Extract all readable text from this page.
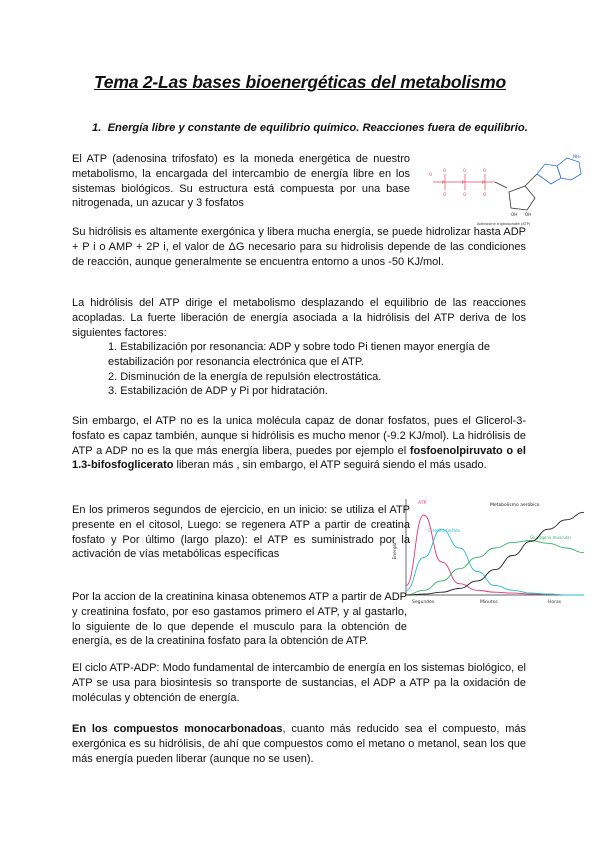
Tema 2-Las bases bioenergéticas del metabolismo

1. Energía libre y constante de equilibrio químico. Reacciones fuera de equilibrio.

El ATP (adenosina trifosfato) es la moneda energética de nuestro metabolismo, la encargada del intercambio de energía libre en los sistemas biológicos. Su estructura está compuesta por una base nitrogenada, un azucar y 3 fosfatos

O
O	O	O
O	O	O
P	P	P
NH₂
OH OH
Adenosine triphosphate (ATP)

Su hidrólisis es altamente exergónica y libera mucha energía, se puede hidrolizar hasta ADP + P i o AMP + 2P i, el valor de ΔG necesario para su hidrolisis depende de las condiciones de reacción, aunque generalmente se encuentra entorno a unos -50 KJ/mol.

La hidrólisis del ATP dirige el metabolismo desplazando el equilibrio de las reacciones acopladas. La fuerte liberación de energía asociada a la hidrólisis del ATP deriva de los siguientes factores:

1. Estabilización por resonancia: ADP y sobre todo Pi tienen mayor energía de estabilización por resonancia electrónica que el ATP.
2. Disminución de la energía de repulsión electrostática.
3. Estabilización de ADP y Pi por hidratación.

Sin embargo, el ATP no es la unica molécula capaz de donar fosfatos, pues el Glicerol-3-fosfato es capaz también, aunque si hidrólisis es mucho menor (-9.2 KJ/mol). La hidrólisis de ATP a ADP no es la que más energía libera, puedes por ejemplo el fosfoenolpiruvato o el 1.3-bifosfoglicerato liberan más , sin embargo, el ATP seguirá siendo el más usado.

En los primeros segundos de ejercicio, en un inicio: se utiliza el ATP presente en el citosol, Luego: se regenera ATP a partir de creatina fosfato y Por último (largo plazo): el ATP es suministrado por la activación de vías metabólicas específicas	Energía
Segundos	Minutos	Horas
ATP
Creatina fosfato
Glucógeno muscular
Metabolismo aeróbico

Por la accion de la creatinina kinasa obtenemos ATP a partir de ADP y creatinina fosfato, por eso gastamos primero el ATP, y al gastarlo, lo siguiente de lo que depende el musculo para la obtención de energía, es de la creatinina fosfato para la obtención de ATP.

El ciclo ATP-ADP: Modo fundamental de intercambio de energía en los sistemas biológico, el ATP se usa para biosintesis so transporte de sustancias, el ADP a ATP pa la oxidación de moléculas y obtención de energía.

En los compuestos monocarbonadoas, cuanto más reducido sea el compuesto, más exergónica es su hidrólisis, de ahí que compuestos como el metano o metanol, sean los que más energía pueden liberar (aunque no se usen).
